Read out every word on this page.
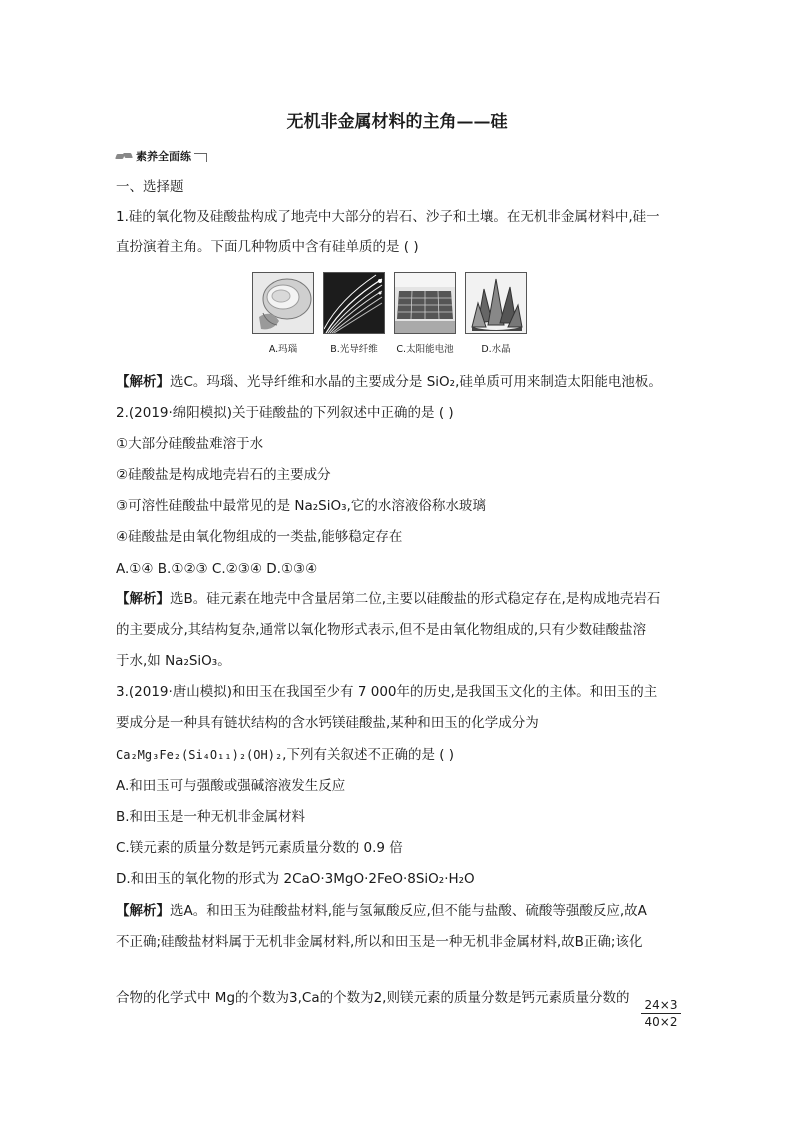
无机非金属材料的主角——硅
素养全面练
一、选择题
1.硅的氧化物及硅酸盐构成了地壳中大部分的岩石、沙子和土壤。在无机非金属材料中,硅一
直扮演着主角。下面几种物质中含有硅单质的是 ( )
A.玛瑙	B.光导纤维	C.太阳能电池	D.水晶
【解析】选C。玛瑙、光导纤维和水晶的主要成分是 SiO₂,硅单质可用来制造太阳能电池板。
2.(2019·绵阳模拟)关于硅酸盐的下列叙述中正确的是 ( )
①大部分硅酸盐难溶于水
②硅酸盐是构成地壳岩石的主要成分
③可溶性硅酸盐中最常见的是 Na₂SiO₃,它的水溶液俗称水玻璃
④硅酸盐是由氧化物组成的一类盐,能够稳定存在
A.①④ B.①②③ C.②③④ D.①③④
【解析】选B。硅元素在地壳中含量居第二位,主要以硅酸盐的形式稳定存在,是构成地壳岩石
的主要成分,其结构复杂,通常以氧化物形式表示,但不是由氧化物组成的,只有少数硅酸盐溶
于水,如 Na₂SiO₃。
3.(2019·唐山模拟)和田玉在我国至少有 7 000年的历史,是我国玉文化的主体。和田玉的主
要成分是一种具有链状结构的含水钙镁硅酸盐,某种和田玉的化学成分为
Ca₂Mg₃Fe₂(Si₄O₁₁)₂(OH)₂,下列有关叙述不正确的是 ( )
A.和田玉可与强酸或强碱溶液发生反应
B.和田玉是一种无机非金属材料
C.镁元素的质量分数是钙元素质量分数的 0.9 倍
D.和田玉的氧化物的形式为 2CaO·3MgO·2FeO·8SiO₂·H₂O
【解析】选A。和田玉为硅酸盐材料,能与氢氟酸反应,但不能与盐酸、硫酸等强酸反应,故A
不正确;硅酸盐材料属于无机非金属材料,所以和田玉是一种无机非金属材料,故B正确;该化
合物的化学式中 Mg的个数为3,Ca的个数为2,则镁元素的质量分数是钙元素质量分数的 24×3
40×2
